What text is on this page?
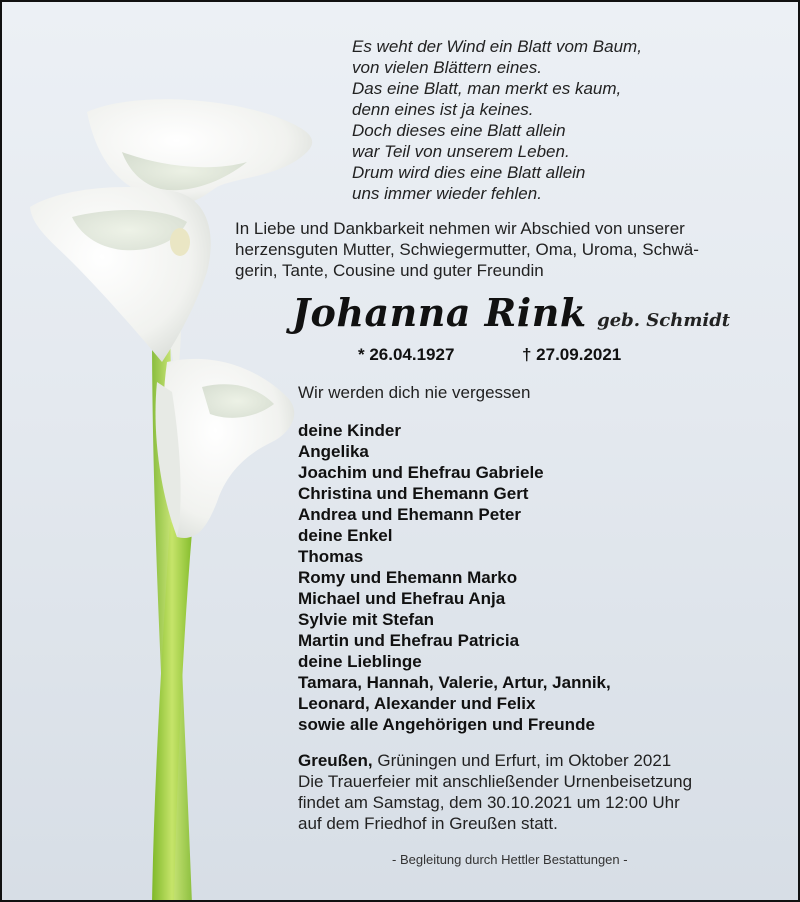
Es weht der Wind ein Blatt vom Baum,
von vielen Blättern eines.
Das eine Blatt, man merkt es kaum,
denn eines ist ja keines.
Doch dieses eine Blatt allein
war Teil von unserem Leben.
Drum wird dies eine Blatt allein
uns immer wieder fehlen.
In Liebe und Dankbarkeit nehmen wir Abschied von unserer
herzensguten Mutter, Schwiegermutter, Oma, Uroma, Schwä-
gerin, Tante, Cousine und guter Freundin
Johanna Rink geb. Schmidt
* 26.04.1927	† 27.09.2021
Wir werden dich nie vergessen
deine Kinder
Angelika
Joachim und Ehefrau Gabriele
Christina und Ehemann Gert
Andrea und Ehemann Peter
deine Enkel
Thomas
Romy und Ehemann Marko
Michael und Ehefrau Anja
Sylvie mit Stefan
Martin und Ehefrau Patricia
deine Lieblinge
Tamara, Hannah, Valerie, Artur, Jannik,
Leonard, Alexander und Felix
sowie alle Angehörigen und Freunde
Greußen, Grüningen und Erfurt, im Oktober 2021
Die Trauerfeier mit anschließender Urnenbeisetzung
findet am Samstag, dem 30.10.2021 um 12:00 Uhr
auf dem Friedhof in Greußen statt.
- Begleitung durch Hettler Bestattungen -
